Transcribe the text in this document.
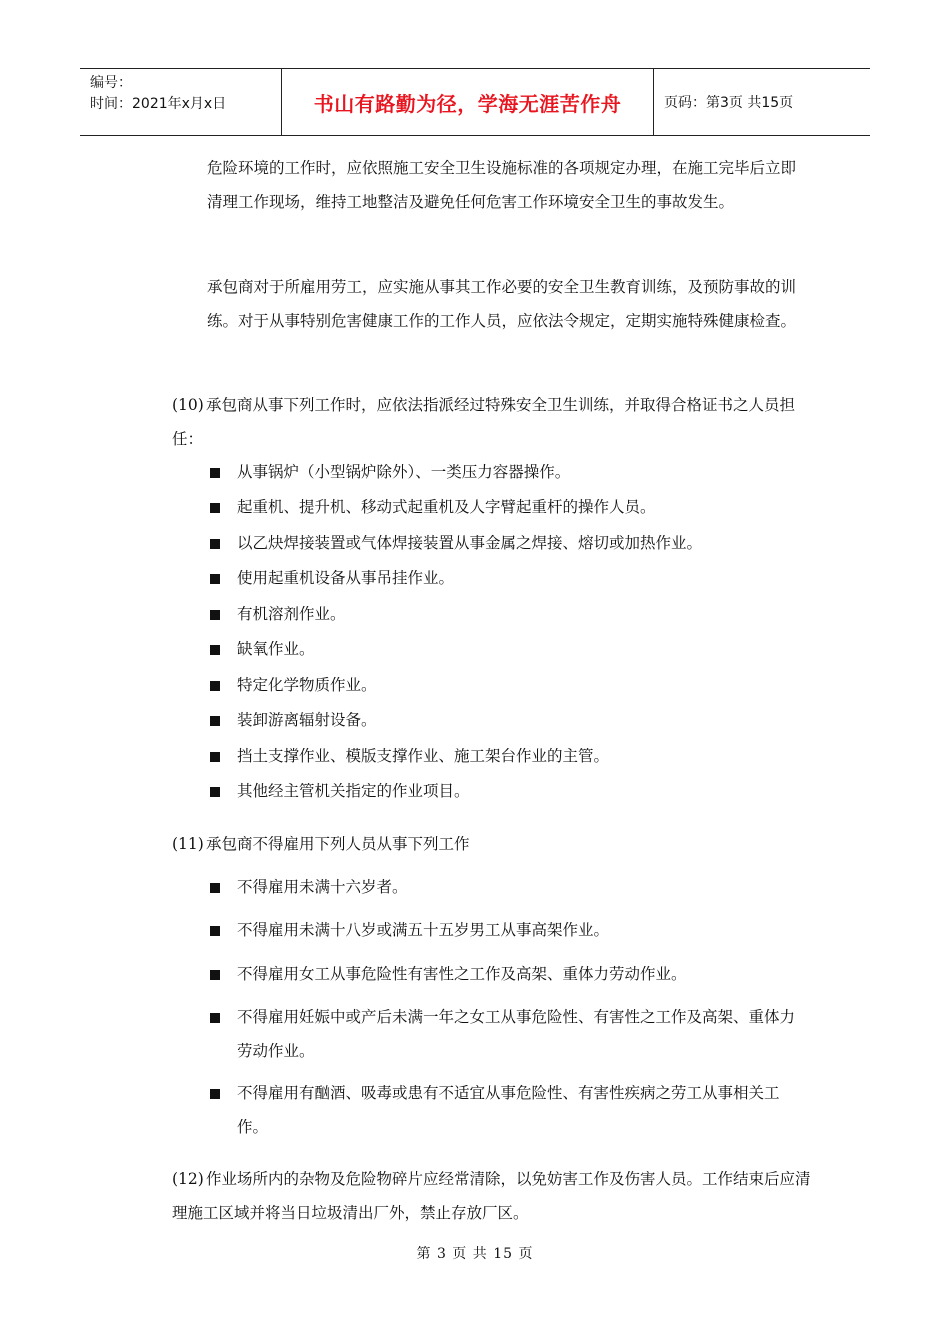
编号：
时间：2021年x月x日	书山有路勤为径，学海无涯苦作舟	页码：第3页 共15页
危险环境的工作时，应依照施工安全卫生设施标准的各项规定办理，在施工完毕后立即清理工作现场，维持工地整洁及避免任何危害工作环境安全卫生的事故发生。
承包商对于所雇用劳工，应实施从事其工作必要的安全卫生教育训练，及预防事故的训练。对于从事特别危害健康工作的工作人员，应依法令规定，定期实施特殊健康检查。
(10) 承包商从事下列工作时，应依法指派经过特殊安全卫生训练，并取得合格证书之人员担任：
从事锅炉（小型锅炉除外）、一类压力容器操作。
起重机、提升机、移动式起重机及人字臂起重杆的操作人员。
以乙炔焊接装置或气体焊接装置从事金属之焊接、熔切或加热作业。
使用起重机设备从事吊挂作业。
有机溶剂作业。
缺氧作业。
特定化学物质作业。
装卸游离辐射设备。
挡土支撑作业、模版支撑作业、施工架台作业的主管。
其他经主管机关指定的作业项目。
(11) 承包商不得雇用下列人员从事下列工作
不得雇用未满十六岁者。
不得雇用未满十八岁或满五十五岁男工从事高架作业。
不得雇用女工从事危险性有害性之工作及高架、重体力劳动作业。
不得雇用妊娠中或产后未满一年之女工从事危险性、有害性之工作及高架、重体力劳动作业。
不得雇用有酗酒、吸毒或患有不适宜从事危险性、有害性疾病之劳工从事相关工作。
(12) 作业场所内的杂物及危险物碎片应经常清除，以免妨害工作及伤害人员。工作结束后应清理施工区域并将当日垃圾清出厂外，禁止存放厂区。
第 3 页 共 15 页
